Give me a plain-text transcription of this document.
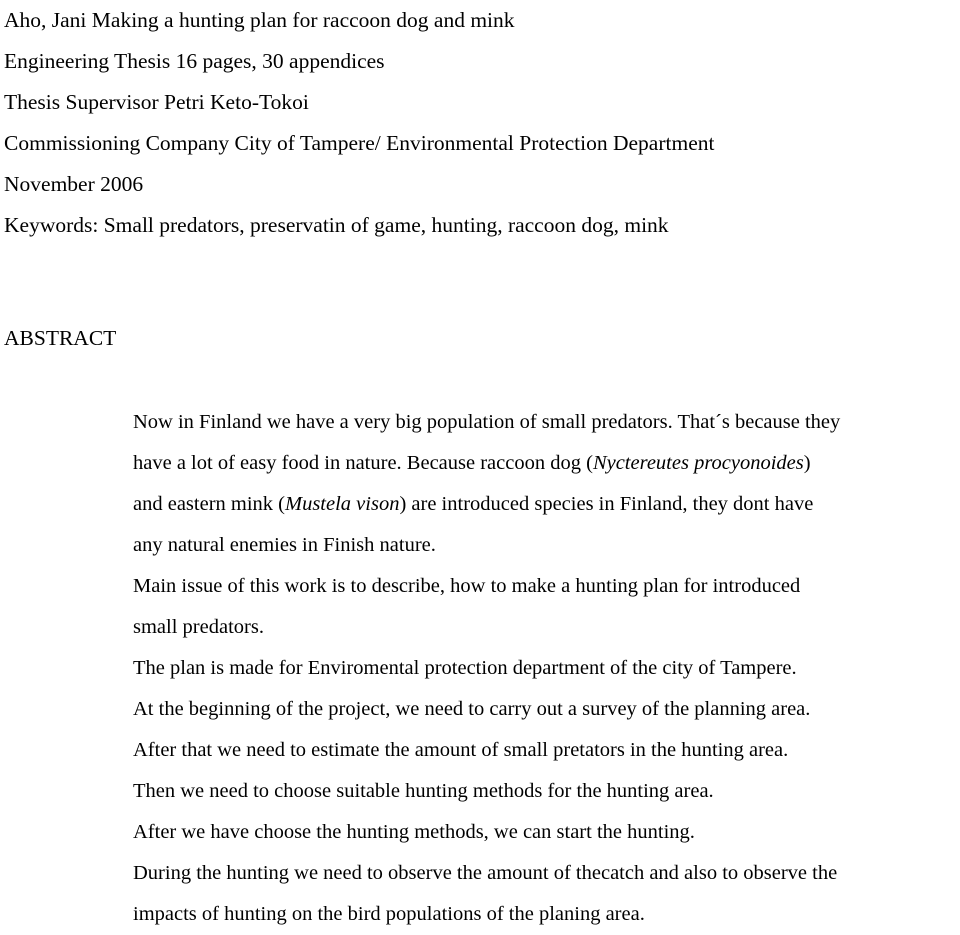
Aho, Jani Making a hunting plan for raccoon dog and mink
Engineering Thesis 16 pages, 30 appendices
Thesis Supervisor Petri Keto-Tokoi
Commissioning Company City of Tampere/ Environmental Protection Department
November 2006
Keywords: Small predators, preservatin of game, hunting, raccoon dog, mink
ABSTRACT
Now in Finland we have a very big population of small predators. That´s because they
have a lot of easy food in nature. Because raccoon dog (Nyctereutes procyonoides)
and eastern mink (Mustela vison) are introduced species in Finland, they dont have
any natural enemies in Finish nature.
Main issue of this work is to describe, how to make a hunting plan for introduced
small predators.
The plan is made for Enviromental protection department of the city of Tampere.
At the beginning of the project, we need to carry out a survey of the planning area.
After that we need to estimate the amount of small pretators in the hunting area.
Then we need to choose suitable hunting methods for the hunting area.
After we have choose the hunting methods, we can start the hunting.
During the hunting we need to observe the amount of thecatch and also to observe the
impacts of hunting on the bird populations of the planing area.
